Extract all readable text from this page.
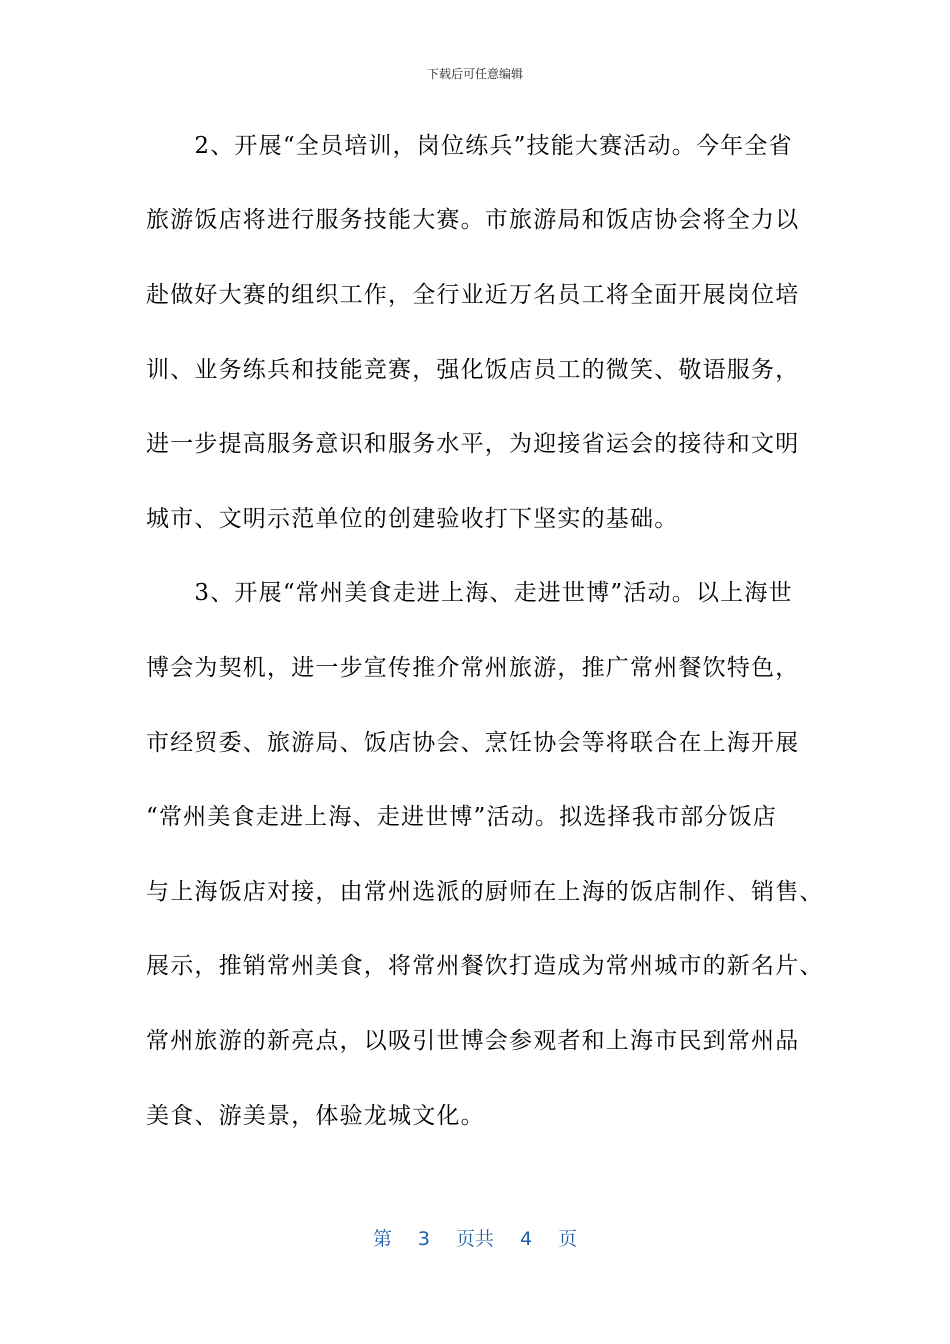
下载后可任意编辑
　　2、开展“全员培训，岗位练兵”技能大赛活动。今年全省
旅游饭店将进行服务技能大赛。市旅游局和饭店协会将全力以
赴做好大赛的组织工作，全行业近万名员工将全面开展岗位培
训、业务练兵和技能竞赛，强化饭店员工的微笑、敬语服务，
进一步提高服务意识和服务水平，为迎接省运会的接待和文明
城市、文明示范单位的创建验收打下坚实的基础。
　　3、开展“常州美食走进上海、走进世博”活动。以上海世
博会为契机，进一步宣传推介常州旅游，推广常州餐饮特色，
市经贸委、旅游局、饭店协会、烹饪协会等将联合在上海开展
“常州美食走进上海、走进世博”活动。拟选择我市部分饭店
与上海饭店对接，由常州选派的厨师在上海的饭店制作、销售、
展示，推销常州美食，将常州餐饮打造成为常州城市的新名片、
常州旅游的新亮点，以吸引世博会参观者和上海市民到常州品
美食、游美景，体验龙城文化。
第 3 页共 4 页
